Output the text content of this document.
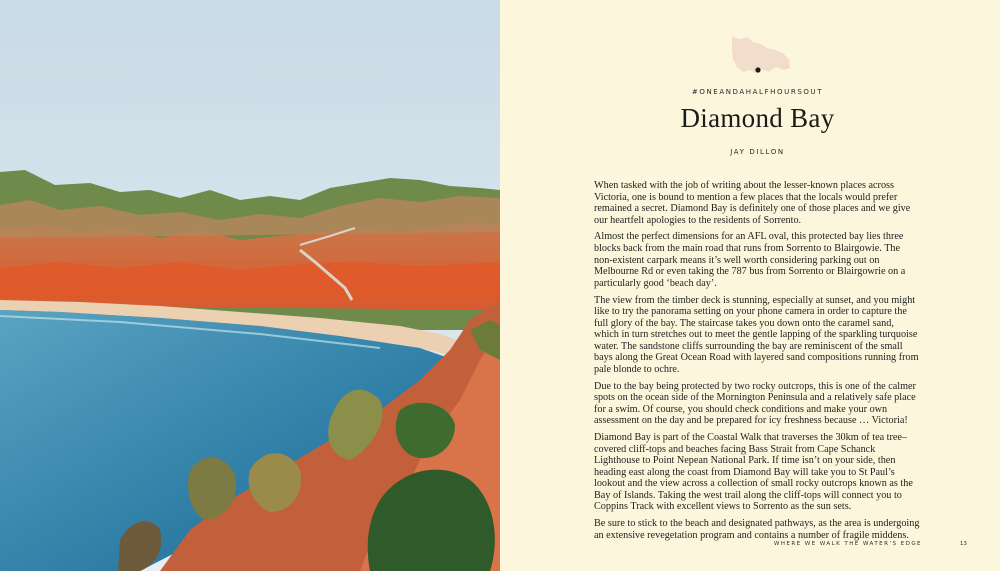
#ONEANDAHALFHOURSOUT
Diamond Bay
JAY DILLON

When tasked with the job of writing about the lesser-known places across Victoria, one is bound to mention a few places that the locals would prefer remained a secret. Diamond Bay is definitely one of those places and we give our heartfelt apologies to the residents of Sorrento.

Almost the perfect dimensions for an AFL oval, this protected bay lies three blocks back from the main road that runs from Sorrento to Blairgowie. The non-existent carpark means it’s well worth considering parking out on Melbourne Rd or even taking the 787 bus from Sorrento or Blairgowrie on a particularly good ‘beach day’.

The view from the timber deck is stunning, especially at sunset, and you might like to try the panorama setting on your phone camera in order to capture the full glory of the bay. The staircase takes you down onto the caramel sand, which in turn stretches out to meet the gentle lapping of the sparkling turquoise water. The sandstone cliffs surrounding the bay are reminiscent of the small bays along the Great Ocean Road with layered sand compositions running from pale blonde to ochre.

Due to the bay being protected by two rocky outcrops, this is one of the calmer spots on the ocean side of the Mornington Peninsula and a relatively safe place for a swim. Of course, you should check conditions and make your own assessment on the day and be prepared for icy freshness because … Victoria!

Diamond Bay is part of the Coastal Walk that traverses the 30km of tea tree–covered cliff-tops and beaches facing Bass Strait from Cape Schanck Lighthouse to Point Nepean National Park. If time isn’t on your side, then heading east along the coast from Diamond Bay will take you to St Paul’s lookout and the view across a collection of small rocky outcrops known as the Bay of Islands. Taking the west trail along the cliff-tops will connect you to Coppins Track with excellent views to Sorrento as the sun sets.

Be sure to stick to the beach and designated pathways, as the area is undergoing an extensive revegetation program and contains a number of fragile middens.

WHERE WE WALK THE WATER’S EDGE	13
